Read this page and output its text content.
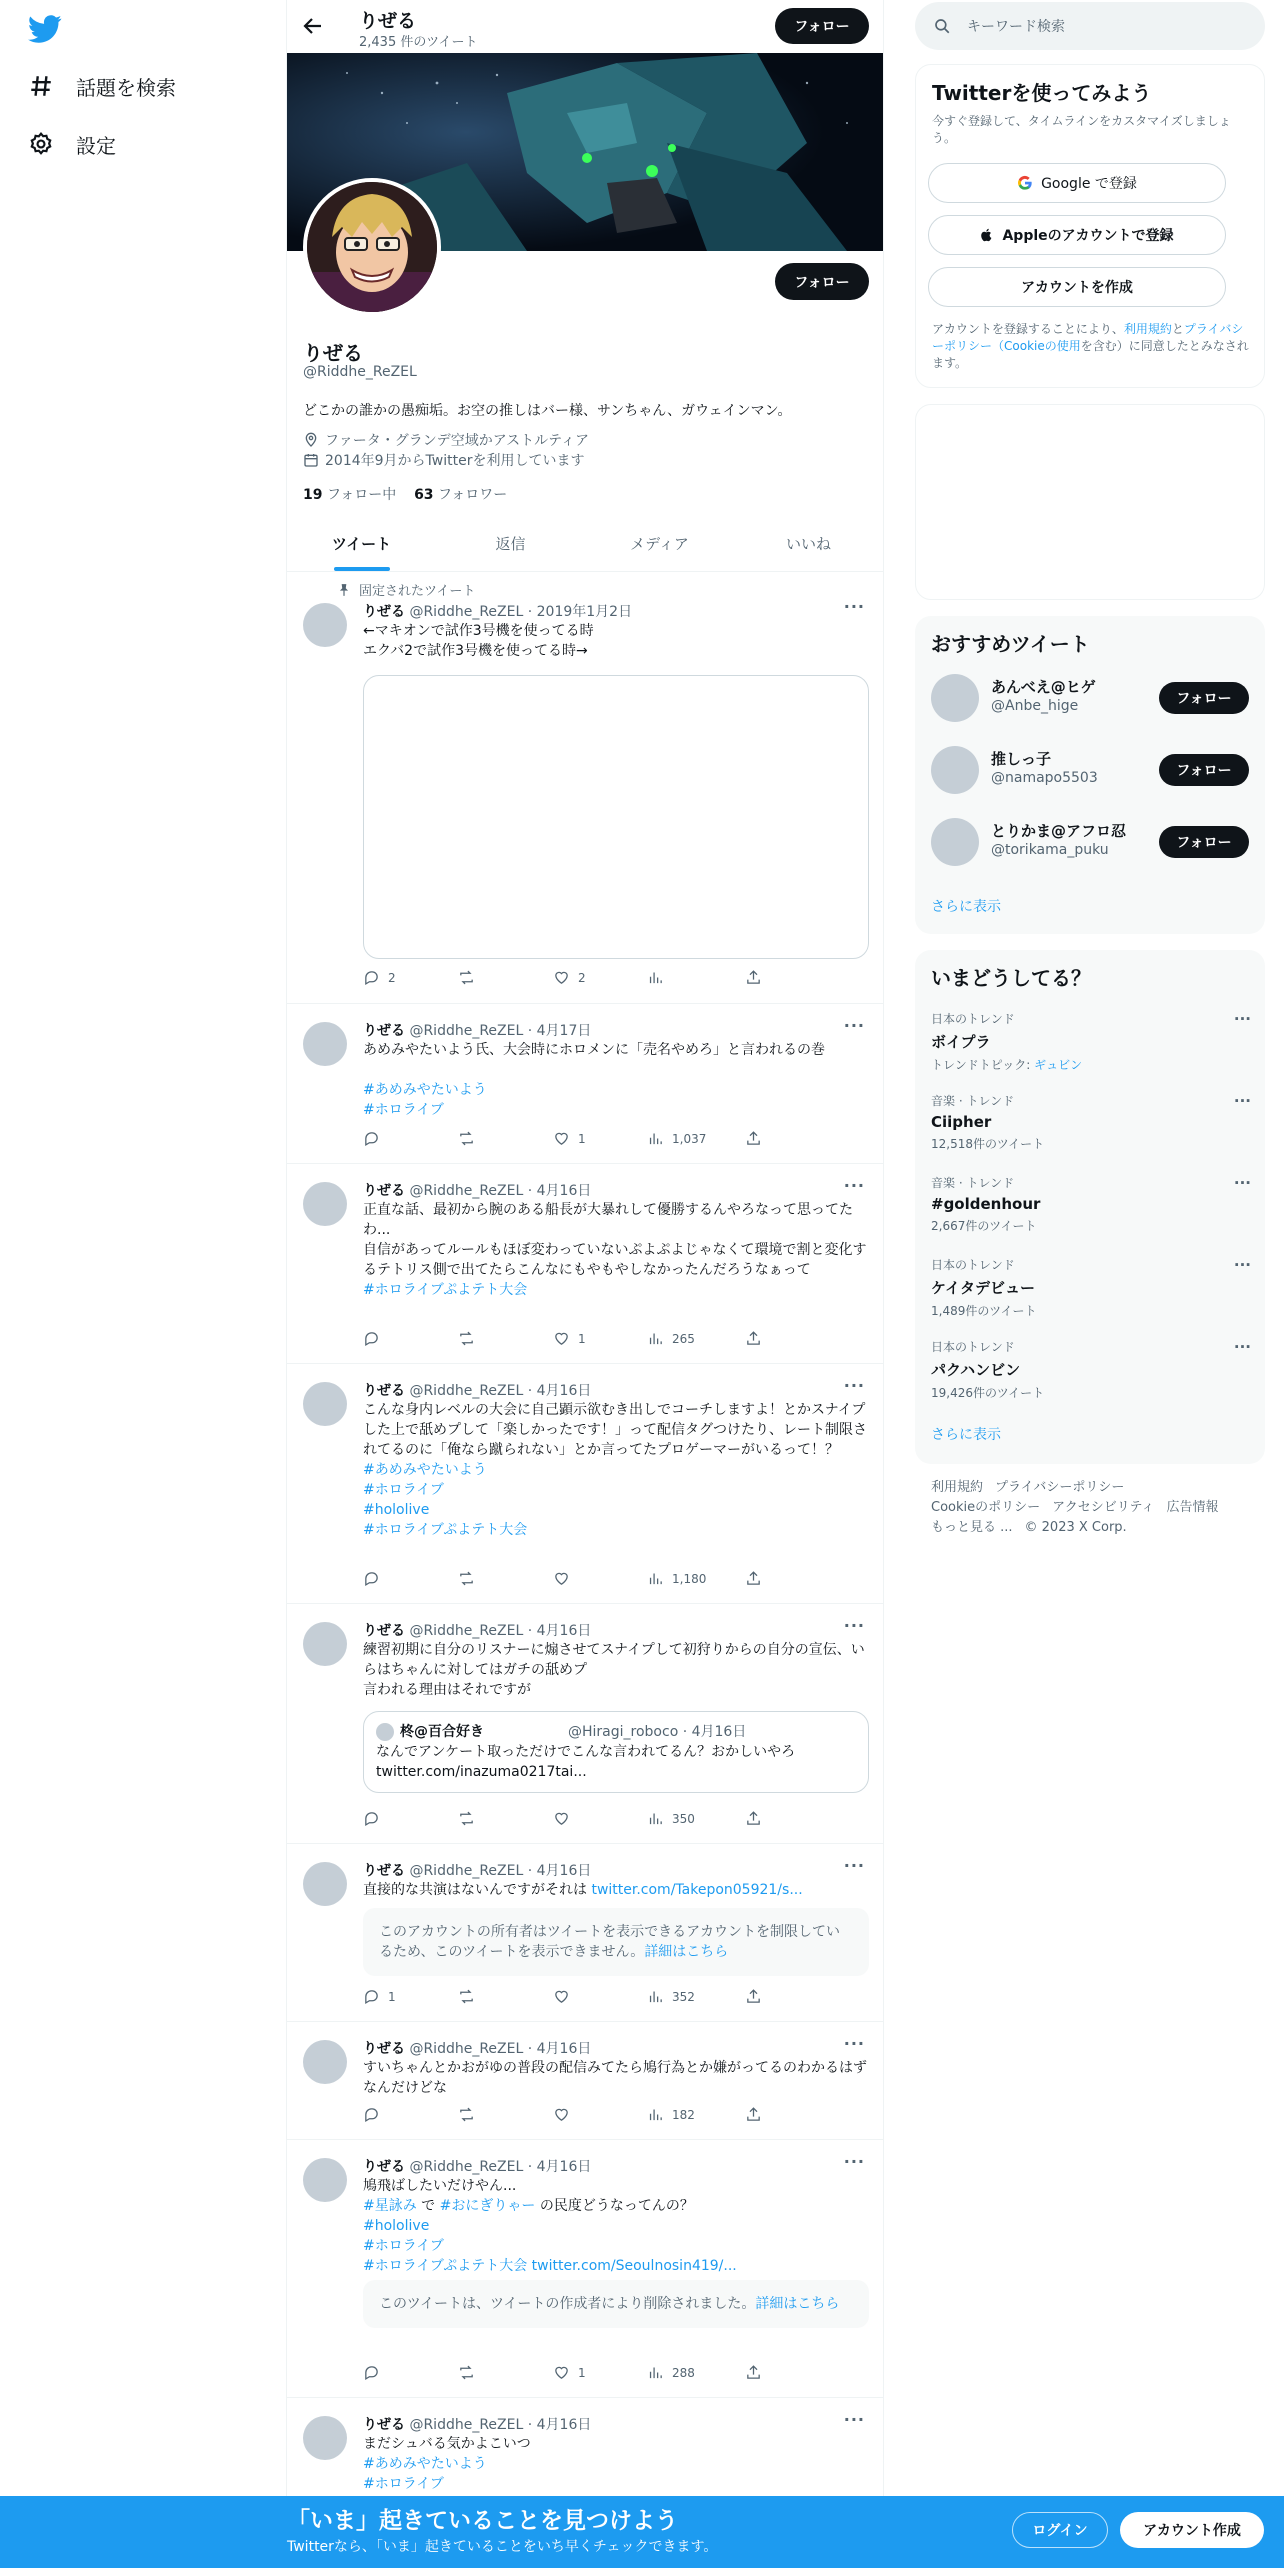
話題を検索
設定
りぜる
2,435 件のツイート
フォロー
フォロー
りぜる
@Riddhe_ReZEL
どこかの誰かの愚痴垢。お空の推しはバー様、サンちゃん、ガウェインマン。
ファータ・グランデ空域かアストルティア
2014年9月からTwitterを利用しています
19 フォロー中 63 フォロワー
ツイート	返信	メディア	いいね
固定されたツイート
りぜる @Riddhe_ReZEL · 2019年1月2日	···
←マキオンで試作3号機を使ってる時
エクバ2で試作3号機を使ってる時→
2	2
りぜる @Riddhe_ReZEL · 4月17日	···
あめみやたいよう氏、大会時にホロメンに「売名やめろ」と言われるの巻

#あめみやたいよう
#ホロライブ
1	1,037
りぜる @Riddhe_ReZEL · 4月16日	···
正直な話、最初から腕のある船長が大暴れして優勝するんやろなって思ってたわ...
自信があってルールもほぼ変わっていないぷよぷよじゃなくて環境で割と変化するテトリス側で出てたらこんなにもやもやしなかったんだろうなぁって
#ホロライブぷよテト大会
1	265
りぜる @Riddhe_ReZEL · 4月16日	···
こんな身内レベルの大会に自己顕示欲むき出しでコーチしますよ！とかスナイプした上で舐めプして「楽しかったです！」って配信タグつけたり、レート制限されてるのに「俺なら蹴られない」とか言ってたプロゲーマーがいるって！？
#あめみやたいよう
#ホロライブ
#hololive
#ホロライブぷよテト大会
1,180
りぜる @Riddhe_ReZEL · 4月16日	···
練習初期に自分のリスナーに煽させてスナイプして初狩りからの自分の宣伝、いらはちゃんに対してはガチの舐めプ
言われる理由はそれですが
柊@百合好き　　　　　　@Hiragi_roboco · 4月16日
なんでアンケート取っただけでこんな言われてるん？おかしいやろ
twitter.com/inazuma0217tai...
350
りぜる @Riddhe_ReZEL · 4月16日	···
直接的な共演はないんですがそれは twitter.com/Takepon05921/s...
このアカウントの所有者はツイートを表示できるアカウントを制限しているため、このツイートを表示できません。詳細はこちら
1	352
りぜる @Riddhe_ReZEL · 4月16日	···
すいちゃんとかおがゆの普段の配信みてたら鳩行為とか嫌がってるのわかるはずなんだけどな
182
りぜる @Riddhe_ReZEL · 4月16日	···
鳩飛ばしたいだけやん...
#星詠み で #おにぎりゃー の民度どうなってんの？
#hololive
#ホロライブ
#ホロライブぷよテト大会 twitter.com/Seoulnosin419/...
このツイートは、ツイートの作成者により削除されました。詳細はこちら
1	288
りぜる @Riddhe_ReZEL · 4月16日	···
まだシュバる気かよこいつ
#あめみやたいよう
#ホロライブ
キーワード検索
Twitterを使ってみよう
今すぐ登録して、タイムラインをカスタマイズしましょう。
Google で登録
Appleのアカウントで登録
アカウントを作成
アカウントを登録することにより、利用規約とプライバシーポリシー（Cookieの使用を含む）に同意したとみなされます。
おすすめツイート
あんべえ@ヒゲ
@Anbe_hige	フォロー
推しっ子
@namapo5503	フォロー
とりかま@アフロ忍
@torikama_puku	フォロー
さらに表示
いまどうしてる？
日本のトレンド
ボイプラ
トレンドトピック: ギュビン
···
音楽 · トレンド
Ciipher
12,518件のツイート
···
音楽 · トレンド
#goldenhour
2,667件のツイート
···
日本のトレンド
ケイタデビュー
1,489件のツイート
···
日本のトレンド
パクハンビン
19,426件のツイート
···
さらに表示
利用規約 プライバシーポリシー
Cookieのポリシー アクセシビリティ 広告情報
もっと見る ... © 2023 X Corp.
「いま」起きていることを見つけよう
Twitterなら、「いま」起きていることをいち早くチェックできます。
ログイン	アカウント作成
